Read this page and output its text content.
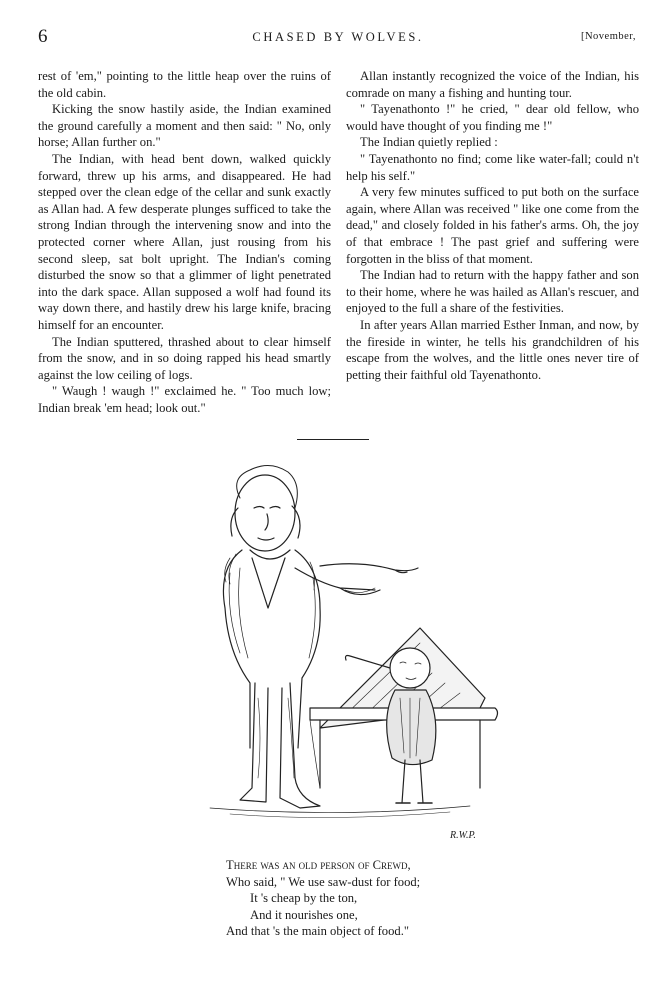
6	CHASED BY WOLVES.	[November,

rest of 'em," pointing to the little heap over the ruins of the old cabin.

Kicking the snow hastily aside, the Indian examined the ground carefully a moment and then said: " No, only horse; Allan further on."

The Indian, with head bent down, walked quickly forward, threw up his arms, and disappeared. He had stepped over the clean edge of the cellar and sunk exactly as Allan had. A few desperate plunges sufficed to take the strong Indian through the intervening snow and into the protected corner where Allan, just rousing from his second sleep, sat bolt upright. The Indian's coming disturbed the snow so that a glimmer of light penetrated into the dark space. Allan supposed a wolf had found its way down there, and hastily drew his large knife, bracing himself for an encounter.

The Indian sputtered, thrashed about to clear himself from the snow, and in so doing rapped his head smartly against the low ceiling of logs.

" Waugh ! waugh !" exclaimed he. " Too much low; Indian break 'em head; look out."

Allan instantly recognized the voice of the Indian, his comrade on many a fishing and hunting tour.

" Tayenathonto !" he cried, " dear old fellow, who would have thought of you finding me !"

The Indian quietly replied :

" Tayenathonto no find; come like water-fall; could n't help his self."

A very few minutes sufficed to put both on the surface again, where Allan was received " like one come from the dead," and closely folded in his father's arms. Oh, the joy of that embrace ! The past grief and suffering were forgotten in the bliss of that moment.

The Indian had to return with the happy father and son to their home, where he was hailed as Allan's rescuer, and enjoyed to the full a share of the festivities.

In after years Allan married Esther Inman, and now, by the fireside in winter, he tells his grandchildren of his escape from the wolves, and the little ones never tire of petting their faithful old Tayenathonto.

R.W.P.
There was an old person of Crewd,
Who said, " We use saw-dust for food;
It 's cheap by the ton,
And it nourishes one,
And that 's the main object of food."
